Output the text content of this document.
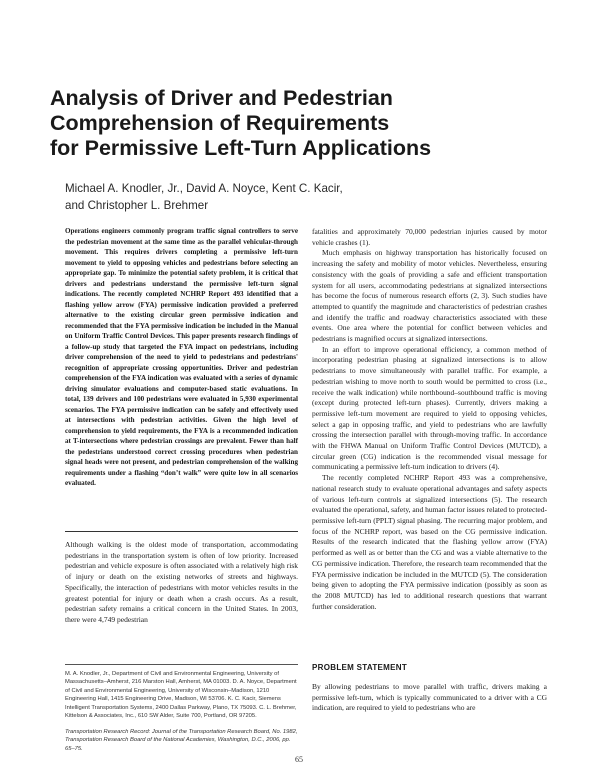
Analysis of Driver and Pedestrian
Comprehension of Requirements
for Permissive Left-Turn Applications
Michael A. Knodler, Jr., David A. Noyce, Kent C. Kacir,
and Christopher L. Brehmer
Operations engineers commonly program traffic signal controllers to serve the pedestrian movement at the same time as the parallel vehicular-through movement. This requires drivers completing a permissive left-turn movement to yield to opposing vehicles and pedestrians before selecting an appropriate gap. To minimize the potential safety problem, it is critical that drivers and pedestrians understand the permissive left-turn signal indications. The recently completed NCHRP Report 493 identified that a flashing yellow arrow (FYA) permissive indication provided a preferred alternative to the existing circular green permissive indication and recommended that the FYA permissive indication be included in the Manual on Uniform Traffic Control Devices. This paper presents research findings of a follow-up study that targeted the FYA impact on pedestrians, including driver comprehension of the need to yield to pedestrians and pedestrians' recognition of appropriate crossing opportunities. Driver and pedestrian comprehension of the FYA indication was evaluated with a series of dynamic driving simulator evaluations and computer-based static evaluations. In total, 139 drivers and 100 pedestrians were evaluated in 5,930 experimental scenarios. The FYA permissive indication can be safely and effectively used at intersections with pedestrian activities. Given the high level of comprehension to yield requirements, the FYA is a recommended indication at T-intersections where pedestrian crossings are prevalent. Fewer than half the pedestrians understood correct crossing procedures when pedestrian signal heads were not present, and pedestrian comprehension of the walking requirements under a flashing “don’t walk” were quite low in all scenarios evaluated.
Although walking is the oldest mode of transportation, accommodating pedestrians in the transportation system is often of low priority. Increased pedestrian and vehicle exposure is often associated with a relatively high risk of injury or death on the existing networks of streets and highways. Specifically, the interaction of pedestrians with motor vehicles results in the greatest potential for injury or death when a crash occurs. As a result, pedestrian safety remains a critical concern in the United States. In 2003, there were 4,749 pedestrian
M. A. Knodler, Jr., Department of Civil and Environmental Engineering, University of Massachusetts–Amherst, 216 Marston Hall, Amherst, MA 01003. D. A. Noyce, Department of Civil and Environmental Engineering, University of Wisconsin–Madison, 1210 Engineering Hall, 1415 Engineering Drive, Madison, WI 53706. K. C. Kacir, Siemens Intelligent Transportation Systems, 2400 Dallas Parkway, Plano, TX 75093. C. L. Brehmer, Kittelson & Associates, Inc., 610 SW Alder, Suite 700, Portland, OR 97205.
Transportation Research Record: Journal of the Transportation Research Board, No. 1982, Transportation Research Board of the National Academies, Washington, D.C., 2006, pp. 65–75.

fatalities and approximately 70,000 pedestrian injuries caused by motor vehicle crashes (1).

Much emphasis on highway transportation has historically focused on increasing the safety and mobility of motor vehicles. Nevertheless, ensuring consistency with the goals of providing a safe and efficient transportation system for all users, accommodating pedestrians at signalized intersections has become the focus of numerous research efforts (2, 3). Such studies have attempted to quantify the magnitude and characteristics of pedestrian crashes and identify the traffic and roadway characteristics associated with these events. One area where the potential for conflict between vehicles and pedestrians is magnified occurs at signalized intersections.

In an effort to improve operational efficiency, a common method of incorporating pedestrian phasing at signalized intersections is to allow pedestrians to move simultaneously with parallel traffic. For example, a pedestrian wishing to move north to south would be permitted to cross (i.e., receive the walk indication) while northbound–southbound traffic is moving (except during protected left-turn phases). Currently, drivers making a permissive left-turn movement are required to yield to opposing vehicles, select a gap in opposing traffic, and yield to pedestrians who are lawfully crossing the intersection parallel with through-moving traffic. In accordance with the FHWA Manual on Uniform Traffic Control Devices (MUTCD), a circular green (CG) indication is the recommended visual message for communicating a permissive left-turn indication to drivers (4).

The recently completed NCHRP Report 493 was a comprehensive, national research study to evaluate operational advantages and safety aspects of various left-turn controls at signalized intersections (5). The research evaluated the operational, safety, and human factor issues related to protected-permissive left-turn (PPLT) signal phasing. The recurring major problem, and focus of the NCHRP report, was based on the CG permissive indication. Results of the research indicated that the flashing yellow arrow (FYA) performed as well as or better than the CG and was a viable alternative to the CG permissive indication. Therefore, the research team recommended that the FYA permissive indication be included in the MUTCD (5). The consideration being given to adopting the FYA permissive indication (possibly as soon as the 2008 MUTCD) has led to additional research questions that warrant further consideration.

PROBLEM STATEMENT
By allowing pedestrians to move parallel with traffic, drivers making a permissive left-turn, which is typically communicated to a driver with a CG indication, are required to yield to pedestrians who are
65
